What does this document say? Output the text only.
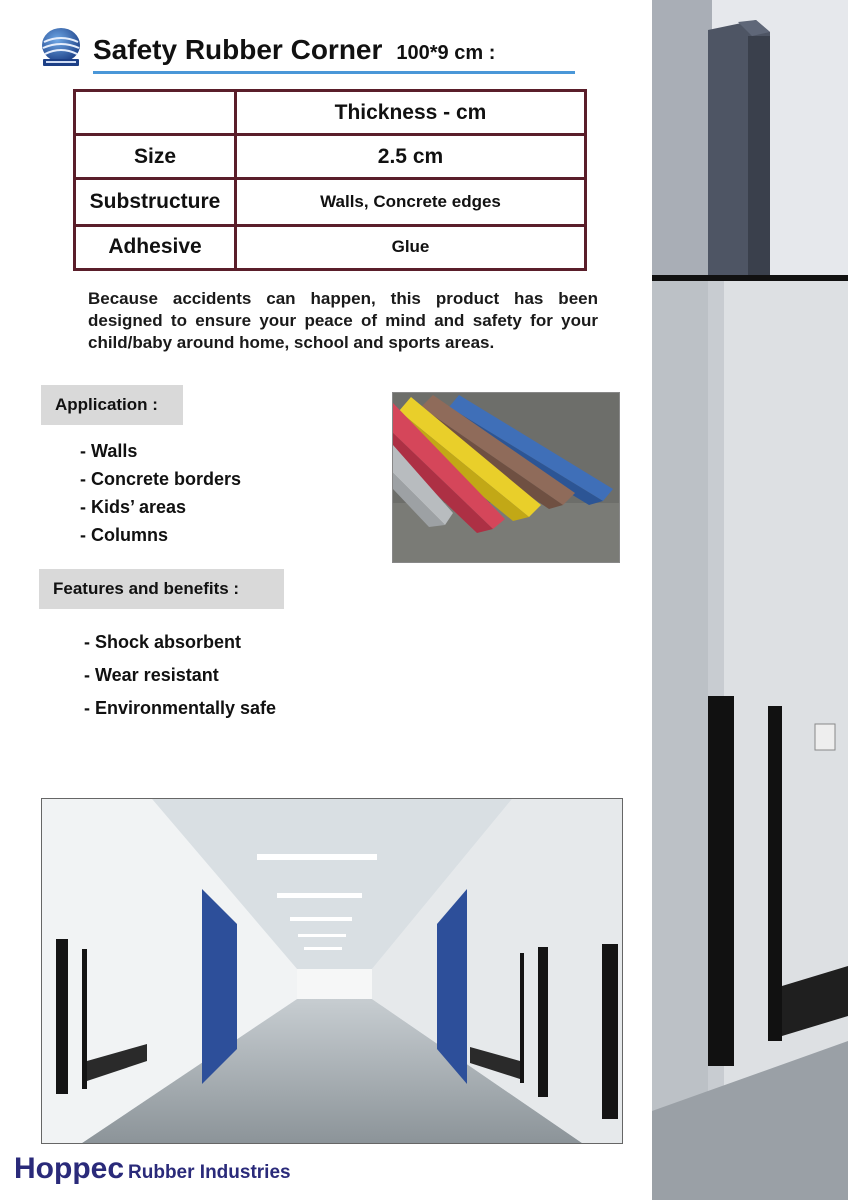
Safety Rubber Corner 100*9 cm :
	Thickness - cm
Size	2.5 cm
Substructure	Walls, Concrete edges
Adhesive	Glue
Because accidents can happen, this product has been designed to ensure your peace of mind and safety for your child/baby around home, school and sports areas.
Application :
- Walls
- Concrete borders
- Kids’ areas
- Columns
Features and benefits :
- Shock absorbent
- Wear resistant
- Environmentally safe
Hoppec Rubber Industries
